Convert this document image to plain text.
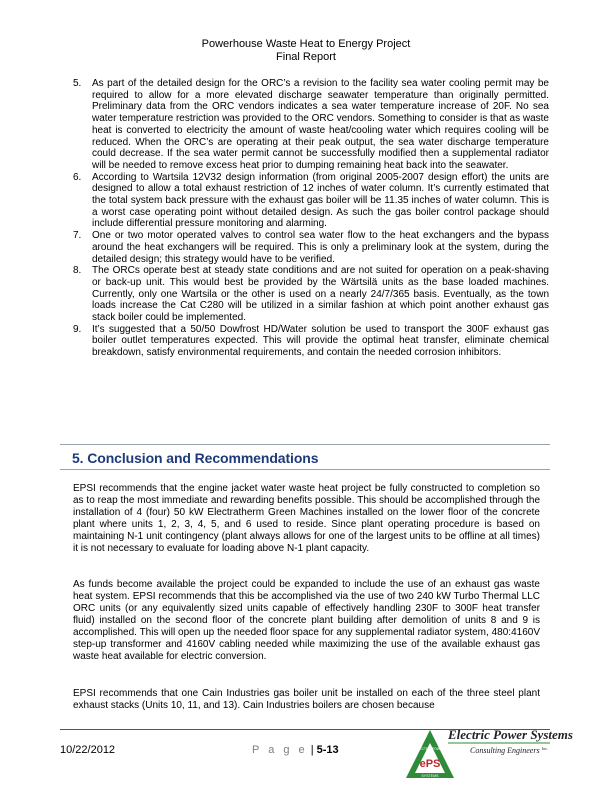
Powerhouse Waste Heat to Energy Project
Final Report
5. As part of the detailed design for the ORC’s a revision to the facility sea water cooling permit may be required to allow for a more elevated discharge seawater temperature than originally permitted. Preliminary data from the ORC vendors indicates a sea water temperature increase of 20F. No sea water temperature restriction was provided to the ORC vendors. Something to consider is that as waste heat is converted to electricity the amount of waste heat/cooling water which requires cooling will be reduced. When the ORC’s are operating at their peak output, the sea water discharge temperature could decrease. If the sea water permit cannot be successfully modified then a supplemental radiator will be needed to remove excess heat prior to dumping remaining heat back into the seawater.
6. According to Wartsila 12V32 design information (from original 2005-2007 design effort) the units are designed to allow a total exhaust restriction of 12 inches of water column. It’s currently estimated that the total system back pressure with the exhaust gas boiler will be 11.35 inches of water column. This is a worst case operating point without detailed design. As such the gas boiler control package should include differential pressure monitoring and alarming.
7. One or two motor operated valves to control sea water flow to the heat exchangers and the bypass around the heat exchangers will be required. This is only a preliminary look at the system, during the detailed design; this strategy would have to be verified.
8. The ORCs operate best at steady state conditions and are not suited for operation on a peak-shaving or back-up unit. This would best be provided by the Wärtsilä units as the base loaded machines. Currently, only one Wartsila or the other is used on a nearly 24/7/365 basis. Eventually, as the town loads increase the Cat C280 will be utilized in a similar fashion at which point another exhaust gas stack boiler could be implemented.
9. It’s suggested that a 50/50 Dowfrost HD/Water solution be used to transport the 300F exhaust gas boiler outlet temperatures expected. This will provide the optimal heat transfer, eliminate chemical breakdown, satisfy environmental requirements, and contain the needed corrosion inhibitors.
5. Conclusion and Recommendations

EPSI recommends that the engine jacket water waste heat project be fully constructed to completion so as to reap the most immediate and rewarding benefits possible. This should be accomplished through the installation of 4 (four) 50 kW Electratherm Green Machines installed on the lower floor of the concrete plant where units 1, 2, 3, 4, 5, and 6 used to reside. Since plant operating procedure is based on maintaining N-1 unit contingency (plant always allows for one of the largest units to be offline at all times) it is not necessary to evaluate for loading above N-1 plant capacity.

As funds become available the project could be expanded to include the use of an exhaust gas waste heat system. EPSI recommends that this be accomplished via the use of two 240 kW Turbo Thermal LLC ORC units (or any equivalently sized units capable of effectively handling 230F to 300F heat transfer fluid) installed on the second floor of the concrete plant building after demolition of units 8 and 9 is accomplished. This will open up the needed floor space for any supplemental radiator system, 480:4160V step-up transformer and 4160V cabling needed while maximizing the use of the available exhaust gas waste heat available for electric conversion.

EPSI recommends that one Cain Industries gas boiler unit be installed on each of the three steel plant exhaust stacks (Units 10, 11, and 13). Cain Industries boilers are chosen because

10/22/2012	P a g e | 5-13
ePS
ELECTRIC POWER
SYSTEMS
Inc.
Electric Power Systems
Consulting Engineers
